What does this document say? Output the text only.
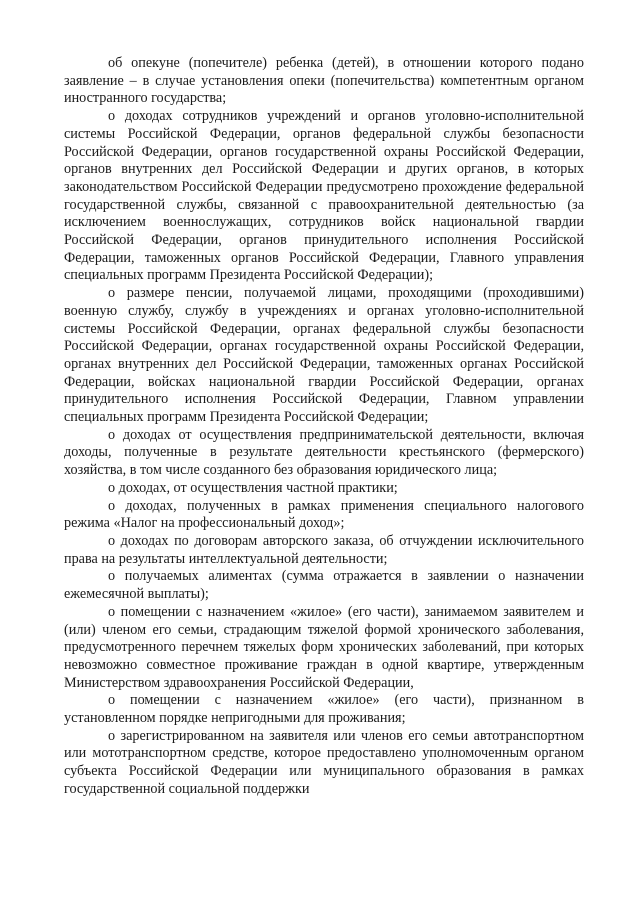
об опекуне (попечителе) ребенка (детей), в отношении которого подано заявление – в случае установления опеки (попечительства) компетентным органом иностранного государства;

о доходах сотрудников учреждений и органов уголовно-исполнительной системы Российской Федерации, органов федеральной службы безопасности Российской Федерации, органов государственной охраны Российской Федерации, органов внутренних дел Российской Федерации и других органов, в которых законодательством Российской Федерации предусмотрено прохождение федеральной государственной службы, связанной с правоохранительной деятельностью (за исключением военнослужащих, сотрудников войск национальной гвардии Российской Федерации, органов принудительного исполнения Российской Федерации, таможенных органов Российской Федерации, Главного управления специальных программ Президента Российской Федерации);

о размере пенсии, получаемой лицами, проходящими (проходившими) военную службу, службу в учреждениях и органах уголовно-исполнительной системы Российской Федерации, органах федеральной службы безопасности Российской Федерации, органах государственной охраны Российской Федерации, органах внутренних дел Российской Федерации, таможенных органах Российской Федерации, войсках национальной гвардии Российской Федерации, органах принудительного исполнения Российской Федерации, Главном управлении специальных программ Президента Российской Федерации;

о доходах от осуществления предпринимательской деятельности, включая доходы, полученные в результате деятельности крестьянского (фермерского) хозяйства, в том числе созданного без образования юридического лица;

о доходах, от осуществления частной практики;

о доходах, полученных в рамках применения специального налогового режима «Налог на профессиональный доход»;

о доходах по договорам авторского заказа, об отчуждении исключительного права на результаты интеллектуальной деятельности;

о получаемых алиментах (сумма отражается в заявлении о назначении ежемесячной выплаты);

о помещении с назначением «жилое» (его части), занимаемом заявителем и (или) членом его семьи, страдающим тяжелой формой хронического заболевания, предусмотренного перечнем тяжелых форм хронических заболеваний, при которых невозможно совместное проживание граждан в одной квартире, утвержденным Министерством здравоохранения Российской Федерации,

о помещении с назначением «жилое» (его части), признанном в установленном порядке непригодными для проживания;

о зарегистрированном на заявителя или членов его семьи автотранспортном или мототранспортном средстве, которое предоставлено уполномоченным органом субъекта Российской Федерации или муниципального образования в рамках государственной социальной поддержки
